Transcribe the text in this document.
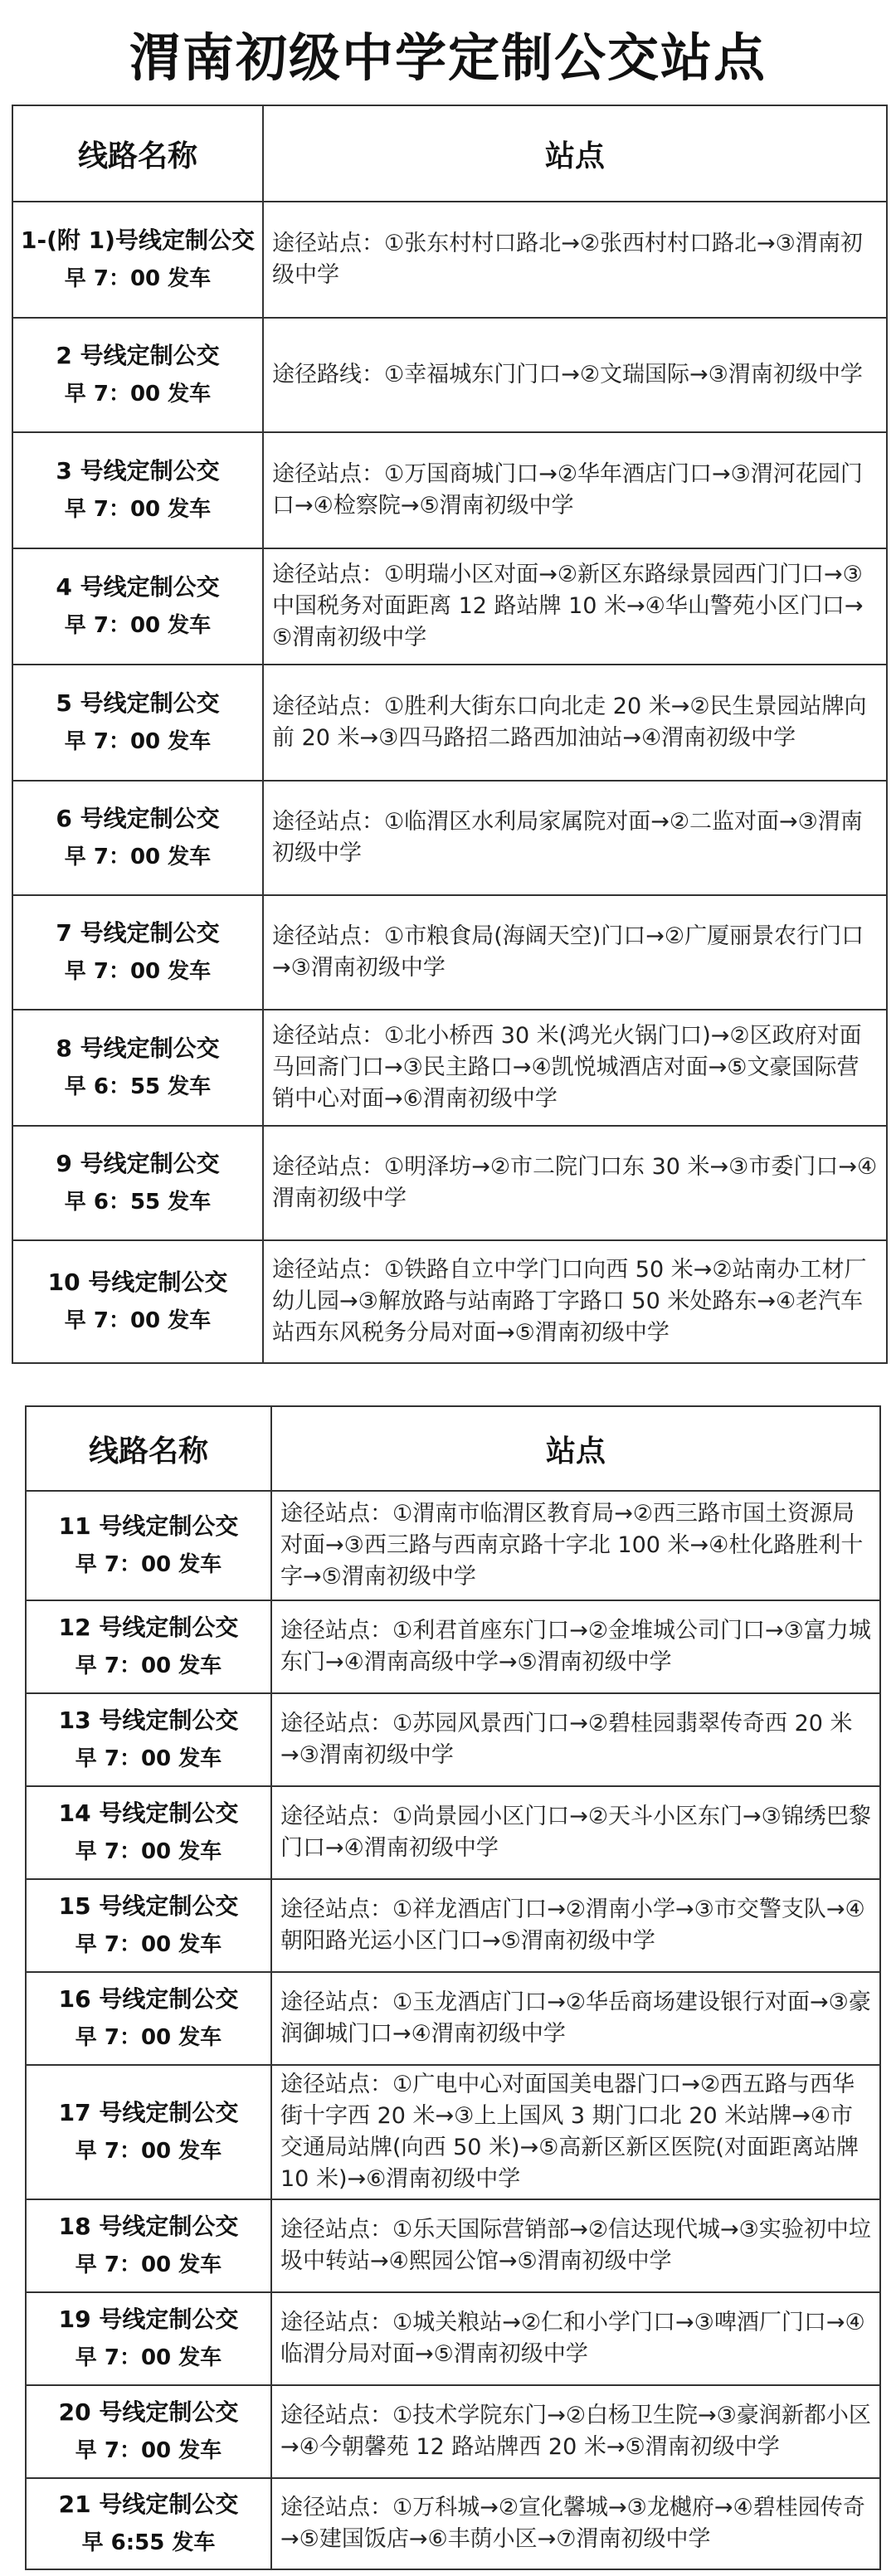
渭南初级中学定制公交站点
线路名称	站点

1-(附 1)号线定制公交
早 7：00 发车	途径站点：①张东村村口路北→②张西村村口路北→③渭南初级中学

2 号线定制公交
早 7：00 发车	途径路线：①幸福城东门门口→②文瑞国际→③渭南初级中学

3 号线定制公交
早 7：00 发车	途径站点：①万国商城门口→②华年酒店门口→③渭河花园门口→④检察院→⑤渭南初级中学

4 号线定制公交
早 7：00 发车	途径站点：①明瑞小区对面→②新区东路绿景园西门门口→③中国税务对面距离 12 路站牌 10 米→④华山警苑小区门口→⑤渭南初级中学

5 号线定制公交
早 7：00 发车	途径站点：①胜利大街东口向北走 20 米→②民生景园站牌向前 20 米→③四马路招二路西加油站→④渭南初级中学

6 号线定制公交
早 7：00 发车	途径站点：①临渭区水利局家属院对面→②二监对面→③渭南初级中学

7 号线定制公交
早 7：00 发车	途径站点：①市粮食局(海阔天空)门口→②广厦丽景农行门口→③渭南初级中学

8 号线定制公交
早 6：55 发车	途径站点：①北小桥西 30 米(鸿光火锅门口)→②区政府对面马回斋门口→③民主路口→④凯悦城酒店对面→⑤文豪国际营销中心对面→⑥渭南初级中学

9 号线定制公交
早 6：55 发车	途径站点：①明泽坊→②市二院门口东 30 米→③市委门口→④渭南初级中学

10 号线定制公交
早 7：00 发车	途径站点：①铁路自立中学门口向西 50 米→②站南办工材厂幼儿园→③解放路与站南路丁字路口 50 米处路东→④老汽车站西东风税务分局对面→⑤渭南初级中学
线路名称	站点

11 号线定制公交
早 7：00 发车	途径站点：①渭南市临渭区教育局→②西三路市国土资源局对面→③西三路与西南京路十字北 100 米→④杜化路胜利十字→⑤渭南初级中学

12 号线定制公交
早 7：00 发车	途径站点：①利君首座东门口→②金堆城公司门口→③富力城东门→④渭南高级中学→⑤渭南初级中学

13 号线定制公交
早 7：00 发车	途径站点：①苏园风景西门口→②碧桂园翡翠传奇西 20 米→③渭南初级中学

14 号线定制公交
早 7：00 发车	途径站点：①尚景园小区门口→②天斗小区东门→③锦绣巴黎门口→④渭南初级中学

15 号线定制公交
早 7：00 发车	途径站点：①祥龙酒店门口→②渭南小学→③市交警支队→④朝阳路光运小区门口→⑤渭南初级中学

16 号线定制公交
早 7：00 发车	途径站点：①玉龙酒店门口→②华岳商场建设银行对面→③豪润御城门口→④渭南初级中学

17 号线定制公交
早 7：00 发车	途径站点：①广电中心对面国美电器门口→②西五路与西华街十字西 20 米→③上上国风 3 期门口北 20 米站牌→④市交通局站牌(向西 50 米)→⑤高新区新区医院(对面距离站牌 10 米)→⑥渭南初级中学

18 号线定制公交
早 7：00 发车	途径站点：①乐天国际营销部→②信达现代城→③实验初中垃圾中转站→④熙园公馆→⑤渭南初级中学

19 号线定制公交
早 7：00 发车	途径站点：①城关粮站→②仁和小学门口→③啤酒厂门口→④临渭分局对面→⑤渭南初级中学

20 号线定制公交
早 7：00 发车	途径站点：①技术学院东门→②白杨卫生院→③豪润新都小区→④今朝馨苑 12 路站牌西 20 米→⑤渭南初级中学

21 号线定制公交
早 6:55 发车	途径站点：①万科城→②宣化馨城→③龙樾府→④碧桂园传奇→⑤建国饭店→⑥丰荫小区→⑦渭南初级中学
